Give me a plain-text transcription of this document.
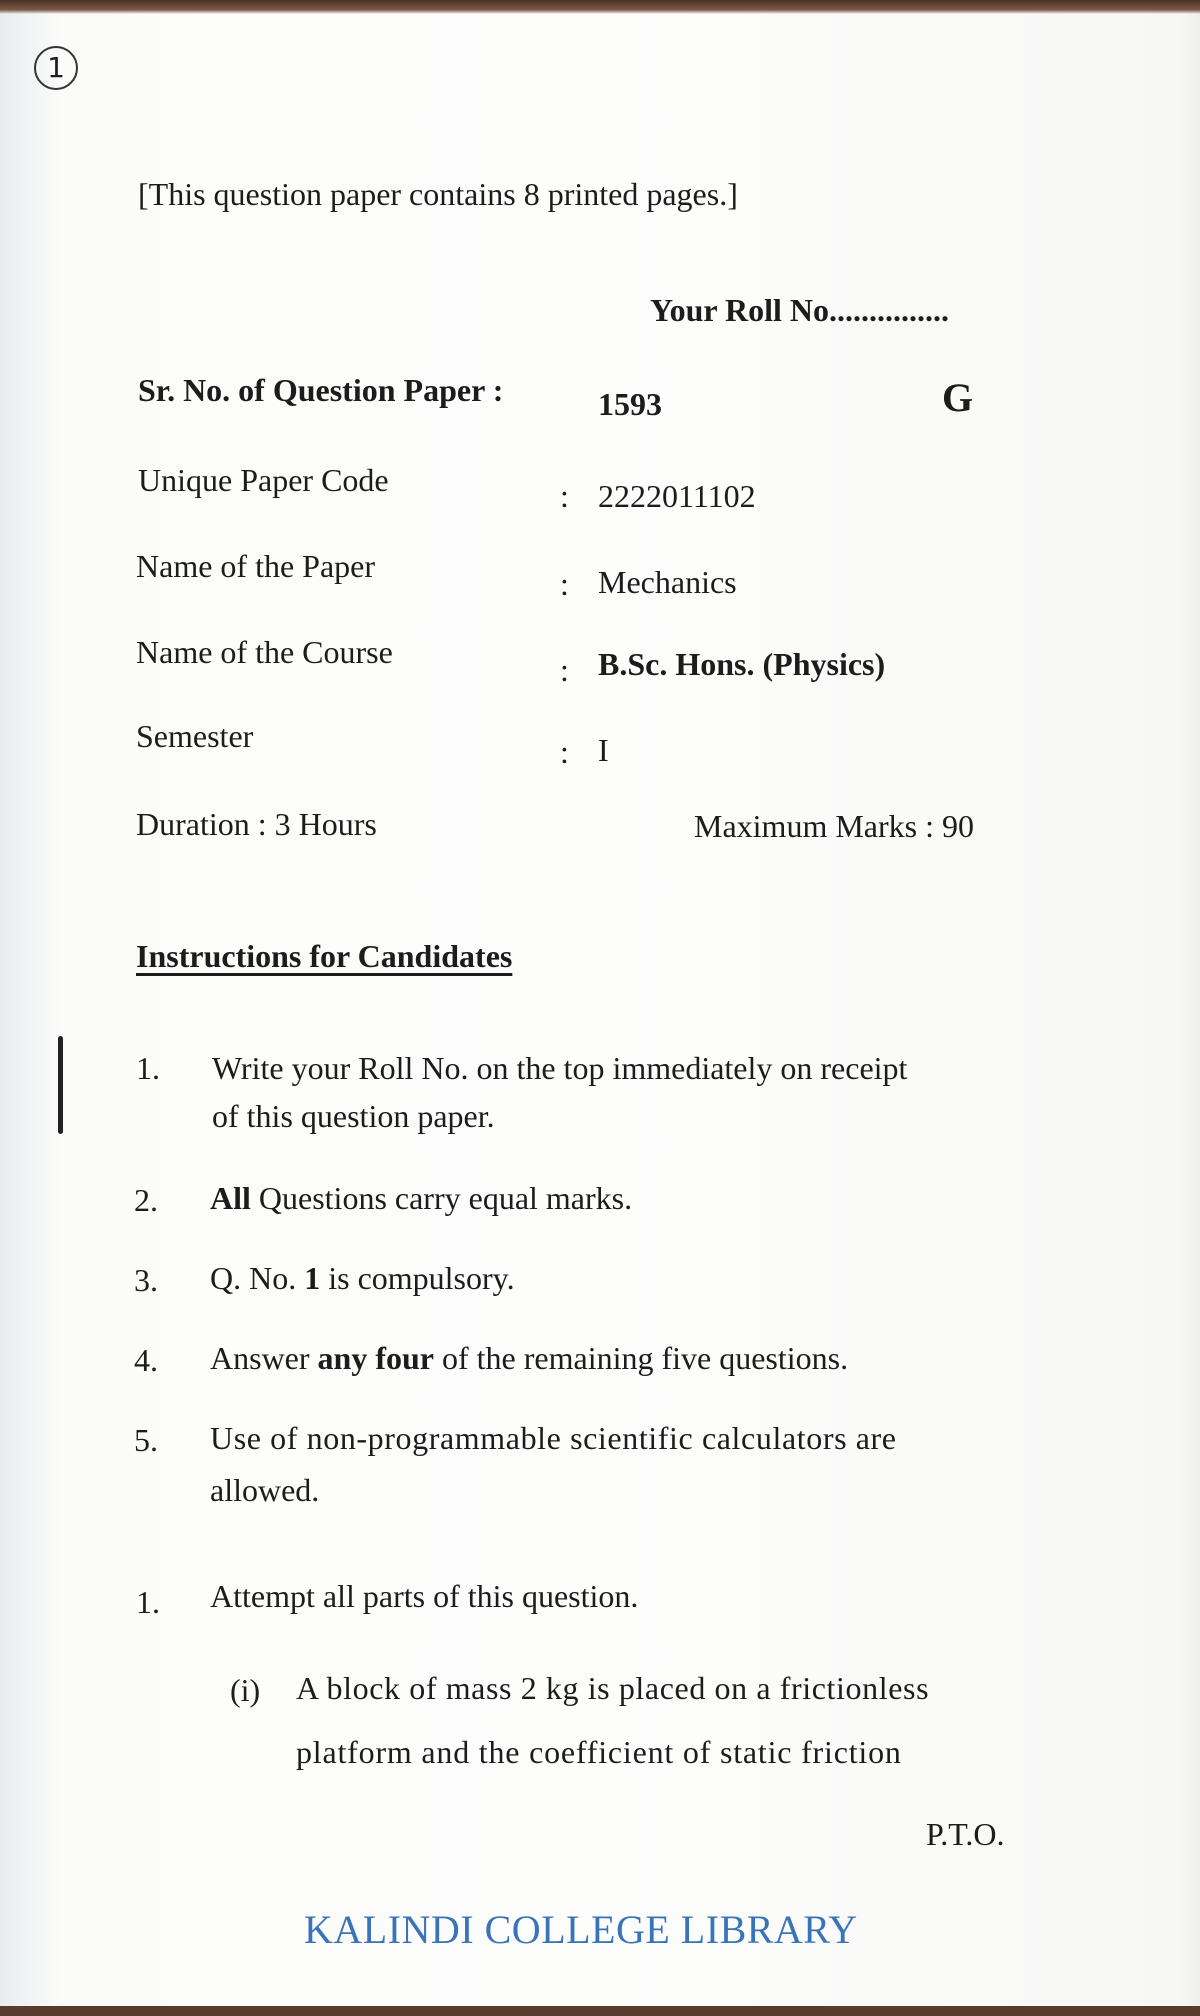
1
[This question paper contains 8 printed pages.]
Your Roll No...............
Sr. No. of Question Paper :	1593	G
Unique Paper Code	: 2222011102
Name of the Paper	: Mechanics
Name of the Course	: B.Sc. Hons. (Physics)
Semester	: I
Duration : 3 Hours	Maximum Marks : 90
Instructions for Candidates
1. Write your Roll No. on the top immediately on receipt
of this question paper.
2. All Questions carry equal marks.
3. Q. No. 1 is compulsory.
4. Answer any four of the remaining five questions.
5. Use of non-programmable scientific calculators are
allowed.
1. Attempt all parts of this question.
(i) A block of mass 2 kg is placed on a frictionless
platform and the coefficient of static friction
P.T.O.
KALINDI COLLEGE LIBRARY
